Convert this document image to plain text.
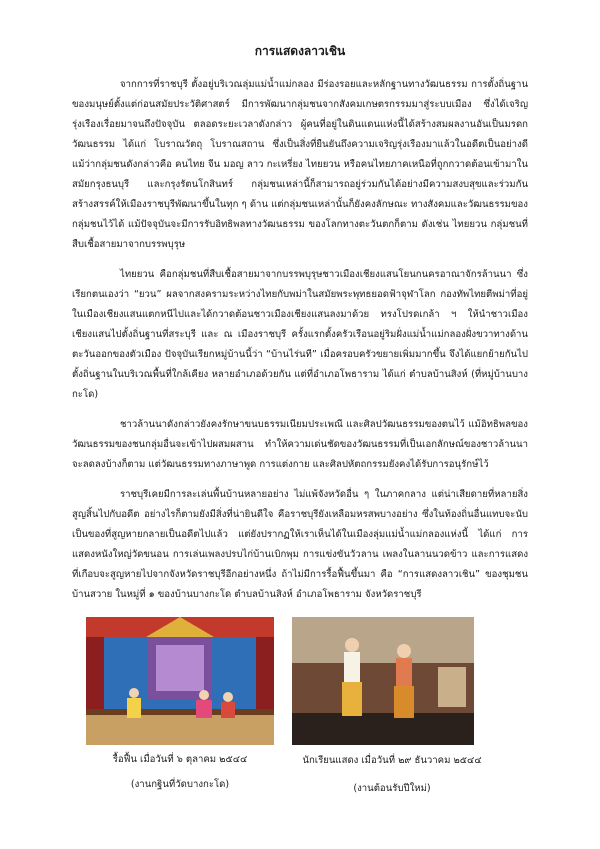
การแสดงลาวเชิน

จากการที่ราชบุรี ตั้งอยู่บริเวณลุ่มแม่น้ำแม่กลอง มีร่องรอยและหลักฐานทางวัฒนธรรม การตั้งถิ่นฐานของมนุษย์ตั้งแต่ก่อนสมัยประวัติศาสตร์ มีการพัฒนากลุ่มชนจากสังคมเกษตรกรรมมาสู่ระบบเมือง ซึ่งได้เจริญรุ่งเรืองเรื่อยมาจนถึงปัจจุบัน ตลอดระยะเวลาดังกล่าว ผู้คนที่อยู่ในดินแดนแห่งนี้ได้สร้างสมผลงานอันเป็นมรดกวัฒนธรรม ได้แก่ โบราณวัตถุ โบราณสถาน ซึ่งเป็นสิ่งที่ยืนยันถึงความเจริญรุ่งเรืองมาแล้วในอดีตเป็นอย่างดี แม้ว่ากลุ่มชนดังกล่าวคือ คนไทย จีน มอญ ลาว กะเหรี่ยง ไทยยวน หรือคนไทยภาคเหนือที่ถูกกวาดต้อนเข้ามาในสมัยกรุงธนบุรี และกรุงรัตนโกสินทร์ กลุ่มชนเหล่านี้ก็สามารถอยู่ร่วมกันได้อย่างมีความสงบสุขและร่วมกันสร้างสรรค์ให้เมืองราชบุรีพัฒนาขึ้นในทุก ๆ ด้าน แต่กลุ่มชนเหล่านั้นก็ยังคงลักษณะ ทางสังคมและวัฒนธรรมของกลุ่มชนไว้ได้ แม้ปัจจุบันจะมีการรับอิทธิพลทางวัฒนธรรม ของโลกทางตะวันตกก็ตาม ดังเช่น ไทยยวน กลุ่มชนที่สืบเชื้อสายมาจากบรรพบุรุษ

ไทยยวน คือกลุ่มชนที่สืบเชื้อสายมาจากบรรพบุรุษชาวเมืองเชียงแสนโยนกนครอาณาจักรล้านนา ซึ่งเรียกตนเองว่า “ยวน” ผลจากสงครามระหว่างไทยกับพม่าในสมัยพระพุทธยอดฟ้าจุฬาโลก กองทัพไทยตีพม่าที่อยู่ในเมืองเชียงแสนแตกหนีไปและได้กวาดต้อนชาวเมืองเชียงแสนลงมาด้วย ทรงโปรดเกล้า ฯ ให้นำชาวเมืองเชียงแสนไปตั้งถิ่นฐานที่สระบุรี และ ณ เมืองราชบุรี ครั้งแรกตั้งครัวเรือนอยู่ริมฝั่งแม่น้ำแม่กลองฝั่งขวาทางด้านตะวันออกของตัวเมือง ปัจจุบันเรียกหมู่บ้านนี้ว่า “บ้านไร่นที” เมื่อครอบครัวขยายเพิ่มมากขึ้น จึงได้แยกย้ายกันไปตั้งถิ่นฐานในบริเวณพื้นที่ใกล้เคียง หลายอำเภอด้วยกัน แต่ที่อำเภอโพธาราม ได้แก่ ตำบลบ้านสิงห์ (ที่หมู่บ้านบางกะโด)

ชาวล้านนาดังกล่าวยังคงรักษาขนบธรรมเนียมประเพณี และศิลปวัฒนธรรมของตนไว้ แม้อิทธิพลของวัฒนธรรมของชนกลุ่มอื่นจะเข้าไปผสมผสาน ทำให้ความเด่นชัดของวัฒนธรรมที่เป็นเอกลักษณ์ของชาวล้านนาจะลดลงบ้างก็ตาม แต่วัฒนธรรมทางภาษาพูด การแต่งกาย และศิลปหัตถกรรมยังคงได้รับการอนุรักษ์ไว้

ราชบุรีเคยมีการละเล่นพื้นบ้านหลายอย่าง ไม่แพ้จังหวัดอื่น ๆ ในภาคกลาง แต่น่าเสียดายที่หลายสิ่งสูญสิ้นไปกับอดีต อย่างไรก็ตามยังมีสิ่งที่น่ายินดีใจ คือราชบุรียังเหลือมหรสพบางอย่าง ซึ่งในท้องถิ่นอื่นแทบจะนับเป็นของที่สูญหายกลายเป็นอดีตไปแล้ว แต่ยังปรากฏให้เราเห็นได้ในเมืองลุ่มแม่น้ำแม่กลองแห่งนี้ ได้แก่ การแสดงหนังใหญ่วัดขนอน การเล่นเพลงปรบไก่บ้านเบิกพุม การแข่งขันวัวลาน เพลงในลานนวดข้าว และการแสดงที่เกือบจะสูญหายไปจากจังหวัดราชบุรีอีกอย่างหนึ่ง ถ้าไม่มีการรื้อฟื้นขึ้นมา คือ “การแสดงลาวเชิน” ของชุมชนบ้านสวาย ในหมู่ที่ ๑ ของบ้านบางกะโด ตำบลบ้านสิงห์ อำเภอโพธาราม จังหวัดราชบุรี

รื้อฟื้น เมื่อวันที่ ๖ ตุลาคม ๒๕๔๔
(งานกฐินที่วัดบางกะโด)
นักเรียนแสดง เมื่อวันที่ ๒๙ ธันวาคม ๒๕๔๔
(งานต้อนรับปีใหม่)
